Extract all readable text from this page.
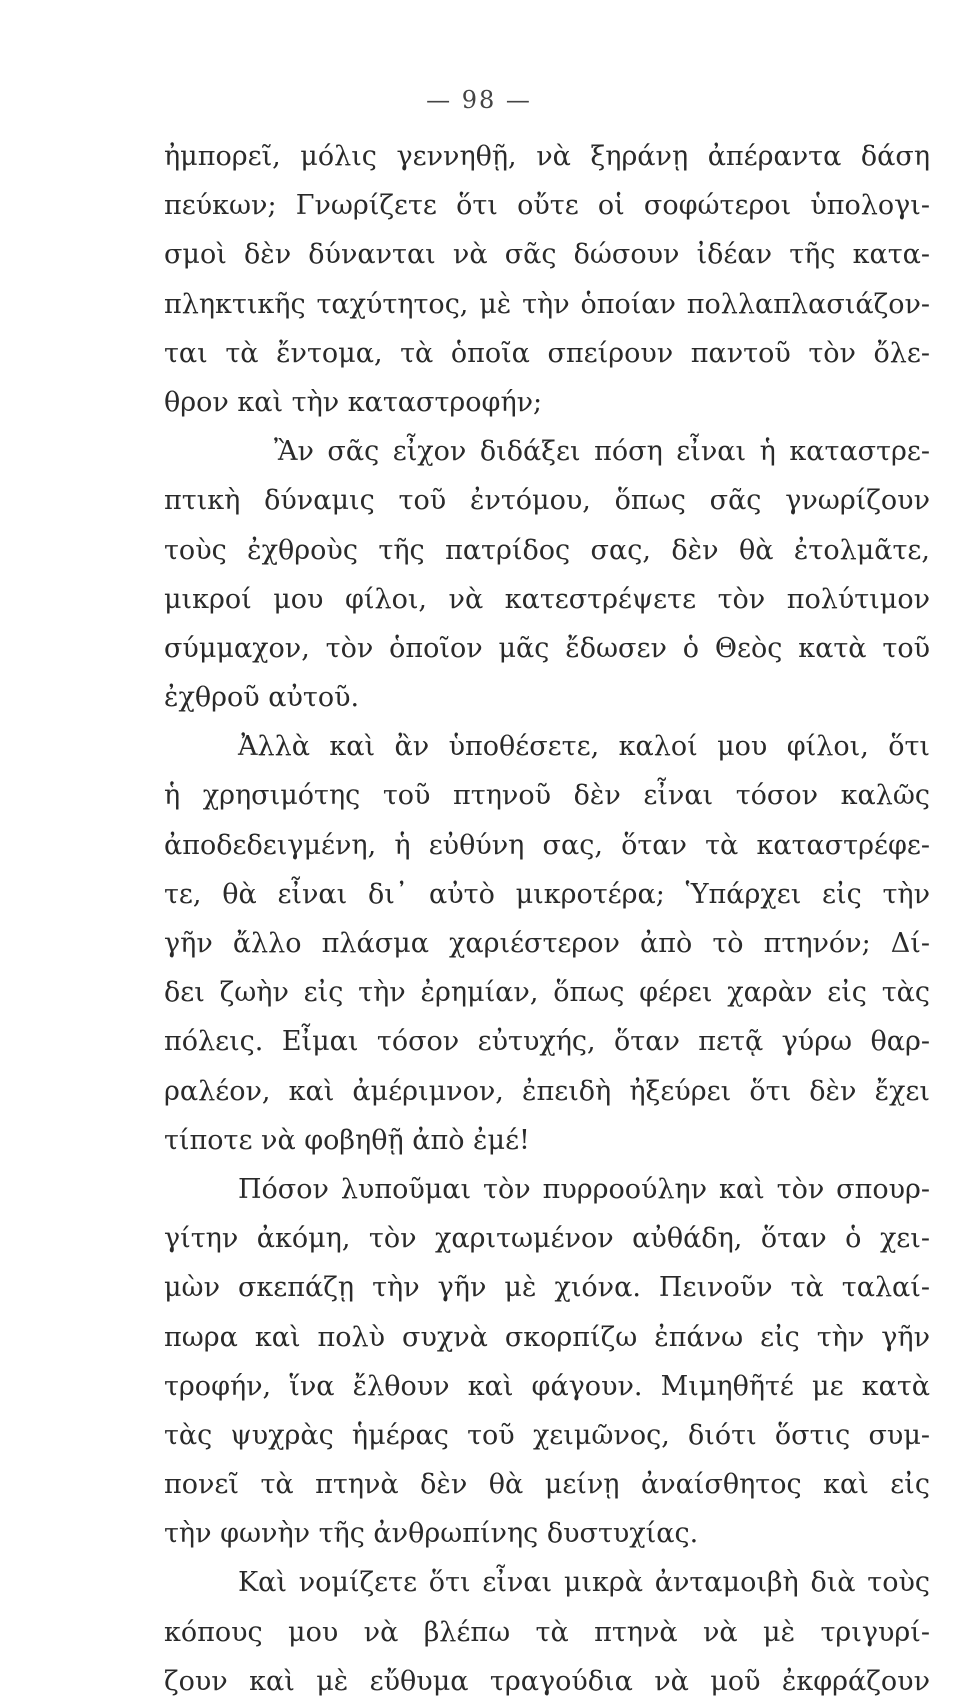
— 98 —
ἠμπορεῖ, μόλις γεννηθῇ, νὰ ξηράνῃ ἀπέραντα δάση
πεύκων; Γνωρίζετε ὅτι οὔτε οἱ σοφώτεροι ὑπολογι-
σμοὶ δὲν δύνανται νὰ σᾶς δώσουν ἰδέαν τῆς κατα-
πληκτικῆς ταχύτητος, μὲ τὴν ὁποίαν πολλαπλασιάζον-
ται τὰ ἔντομα, τὰ ὁποῖα σπείρουν παντοῦ τὸν ὄλε-
θρον καὶ τὴν καταστροφήν;
Ἂν σᾶς εἶχον διδάξει πόση εἶναι ἡ καταστρε-
πτικὴ δύναμις τοῦ ἐντόμου, ὅπως σᾶς γνωρίζουν
τοὺς ἐχθροὺς τῆς πατρίδος σας, δὲν θὰ ἐτολμᾶτε,
μικροί μου φίλοι, νὰ κατεστρέψετε τὸν πολύτιμον
σύμμαχον, τὸν ὁποῖον μᾶς ἔδωσεν ὁ Θεὸς κατὰ τοῦ
ἐχθροῦ αὐτοῦ.
Ἀλλὰ καὶ ἂν ὑποθέσετε, καλοί μου φίλοι, ὅτι
ἡ χρησιμότης τοῦ πτηνοῦ δὲν εἶναι τόσον καλῶς
ἀποδεδειγμένη, ἡ εὐθύνη σας, ὅταν τὰ καταστρέφε-
τε, θὰ εἶναι δι᾽ αὐτὸ μικροτέρα; Ὑπάρχει εἰς τὴν
γῆν ἄλλο πλάσμα χαριέστερον ἀπὸ τὸ πτηνόν; Δί-
δει ζωὴν εἰς τὴν ἐρημίαν, ὅπως φέρει χαρὰν εἰς τὰς
πόλεις. Εἶμαι τόσον εὐτυχής, ὅταν πετᾷ γύρω θαρ-
ραλέον, καὶ ἀμέριμνον, ἐπειδὴ ἠξεύρει ὅτι δὲν ἔχει
τίποτε νὰ φοβηθῇ ἀπὸ ἐμέ!
Πόσον λυποῦμαι τὸν πυρροούλην καὶ τὸν σπουρ-
γίτην ἀκόμη, τὸν χαριτωμένον αὐθάδη, ὅταν ὁ χει-
μὼν σκεπάζῃ τὴν γῆν μὲ χιόνα. Πεινοῦν τὰ ταλαί-
πωρα καὶ πολὺ συχνὰ σκορπίζω ἐπάνω εἰς τὴν γῆν
τροφήν, ἵνα ἔλθουν καὶ φάγουν. Μιμηθῆτέ με κατὰ
τὰς ψυχρὰς ἡμέρας τοῦ χειμῶνος, διότι ὅστις συμ-
πονεῖ τὰ πτηνὰ δὲν θὰ μείνῃ ἀναίσθητος καὶ εἰς
τὴν φωνὴν τῆς ἀνθρωπίνης δυστυχίας.
Καὶ νομίζετε ὅτι εἶναι μικρὰ ἀνταμοιβὴ διὰ τοὺς
κόπους μου νὰ βλέπω τὰ πτηνὰ νὰ μὲ τριγυρί-
ζουν καὶ μὲ εὔθυμα τραγούδια νὰ μοῦ ἐκφράζουν
